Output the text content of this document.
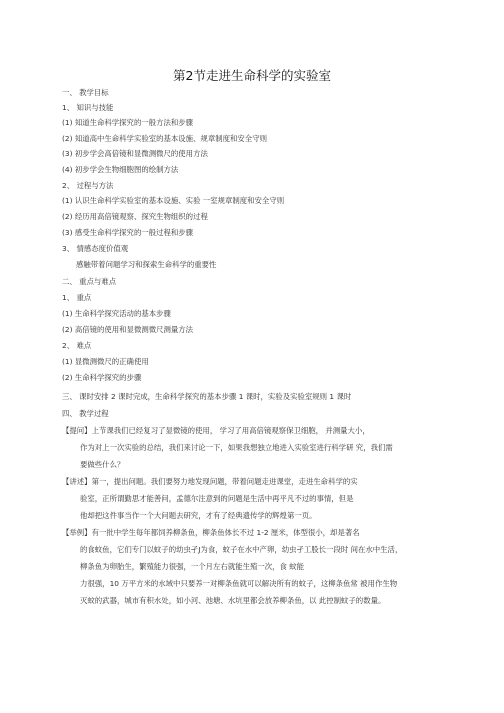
第2节走进生命科学的实验室
一、 教学目标
1、 知识与技能
(1) 知道生命科学探究的一般方法和步骤
(2) 知道高中生命科学实验室的基本设施、规章制度和安全守则
(3) 初步学会高倍镜和显微测微尺的使用方法
(4) 初步学会生物细胞图的绘制方法
2、 过程与方法
(1) 认识生命科学实验室的基本设施、实验 一室规章制度和安全守则
(2) 经历用高倍镜观察、探究生物组织的过程
(3) 感受生命科学探究的一般过程和步骤
3、 情感态度价值观
感触带着问题学习和探索生命科学的重要性
二、 重点与难点
1、 重点
(1) 生命科学探究活动的基本步骤
(2) 高倍镜的使用和显微测微尺测量方法
2、 难点
(1) 显微测微尺的正确使用
(2) 生命科学探究的步骤
三、 课时安排 2 课时完成，生命科学探究的基本步骤 1 课时，实验及实验室规则 1 课时
四、 教学过程
【提问】上节课我们已经复习了显微镜的使用， 学习了用高倍镜观察保卫细胞， 并测量大小，
作为对上一次实验的总结，我们来讨论一下，如果我想独立地进入实验室进行科学研 究，我们需
要做些什么？
【讲述】第一，提出问题。我们要努力地发现问题，带着问题走进课堂，走进生命科学的实
验室，正所谓勤思才能善问，孟德尔注意到的问题是生活中再平凡不过的事情，但是
他却把这件事当作一个大问题去研究，才有了经典遗传学的辉煌第一页。
【举例】有一批中学生每年都饲养柳条鱼，柳条鱼体长不过 1-2 厘米，体型很小，却是著名
的食蚊鱼，它们专门以蚊子的幼虫孑J为食，蚊子在水中产卵，幼虫孑工股长一段时 间在水中生活，
柳条鱼为卵胎生，繁殖能力很强，一个月左右就能生殖一次，食 蚊能
力很强，10 万平方米的水域中只要养一对柳条鱼就可以解决所有的蚊子，这柳条鱼常 被用作生物
灭蚊的武器，城市有积水处，如小河、池塘、水坑里都会放养柳条鱼，以 此控制蚊子的数量。
